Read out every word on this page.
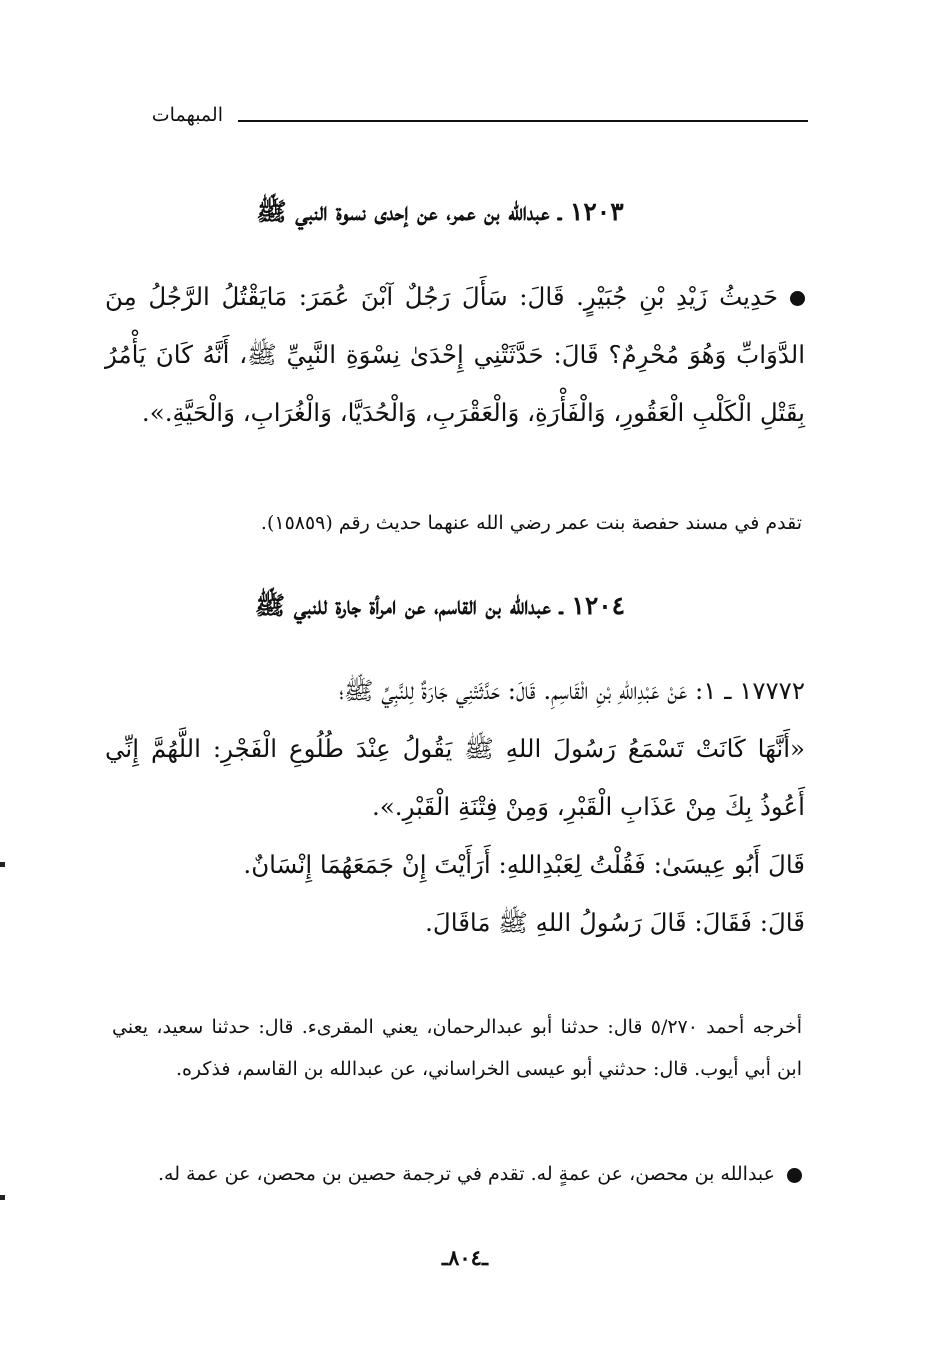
المبهمات
١٢٠٣ ـ عبدالله بن عمر، عن إحدى نسوة النبي ﷺ
حَدِيثُ زَيْدِ بْنِ جُبَيْرٍ. قَالَ: سَأَلَ رَجُلٌ آبْنَ عُمَرَ: مَايَقْتُلُ الرَّجُلُ مِنَ الدَّوَابِّ وَهُوَ مُحْرِمٌ؟ قَالَ: حَدَّثَتْنِي إِحْدَىٰ نِسْوَةِ النَّبِيِّ ﷺ، أَنَّهُ كَانَ يَأْمُرُ بِقَتْلِ الْكَلْبِ الْعَقُورِ، وَالْفَأْرَةِ، وَالْعَقْرَبِ، وَالْحُدَيَّا، وَالْغُرَابِ، وَالْحَيَّةِ.».
تقدم في مسند حفصة بنت عمر رضي الله عنهما حديث رقم (١٥٨٥٩).
١٢٠٤ ـ عبدالله بن القاسم، عن امرأة جارة للنبي ﷺ
١٧٧٧٢ ـ ١: عَنْ عَبْدِاللهِ بْنِ الْقَاسِمِ. قَالَ: حَدَّثَتْنِي جَارَةٌ لِلنَّبِيِّ ﷺ؛
«أَنَّهَا كَانَتْ تَسْمَعُ رَسُولَ اللهِ ﷺ يَقُولُ عِنْدَ طُلُوعِ الْفَجْرِ: اللَّهُمَّ إِنِّي أَعُوذُ بِكَ مِنْ عَذَابِ الْقَبْرِ، وَمِنْ فِتْنَةِ الْقَبْرِ.».
قَالَ أَبُو عِيسَىٰ: فَقُلْتُ لِعَبْدِاللهِ: أَرَأَيْتَ إِنْ جَمَعَهُمَا إِنْسَانٌ.
قَالَ: فَقَالَ: قَالَ رَسُولُ اللهِ ﷺ مَاقَالَ.
أخرجه أحمد ٥/٢٧٠ قال: حدثنا أبو عبدالرحمان، يعني المقرىء. قال: حدثنا سعيد، يعني ابن أبي أيوب. قال: حدثني أبو عيسى الخراساني، عن عبدالله بن القاسم، فذكره.
عبدالله بن محصن، عن عمةٍ له. تقدم في ترجمة حصين بن محصن، عن عمة له.
ـ٨٠٤ـ
